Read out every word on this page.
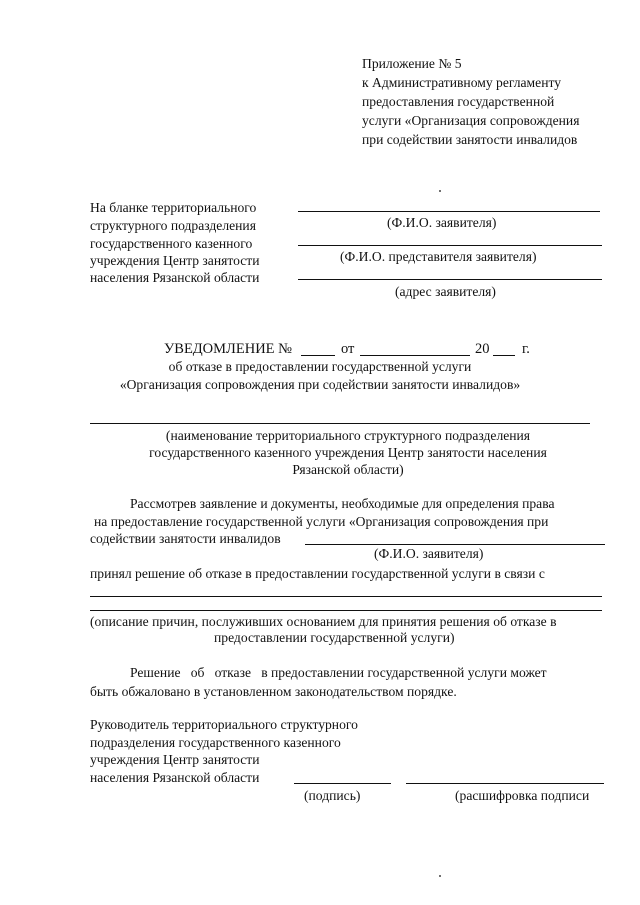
Приложение № 5
к Административному регламенту
предоставления государственной
услуги «Организация сопровождения
при содействии занятости инвалидов
На бланке территориального
структурного подразделения
государственного казенного
учреждения Центр занятости
населения Рязанской области
(Ф.И.О. заявителя)
(Ф.И.О. представителя заявителя)
(адрес заявителя)
УВЕДОМЛЕНИЕ №	от	20 г.
об отказе в предоставлении государственной услуги
«Организация сопровождения при содействии занятости инвалидов»
(наименование территориального структурного подразделения
государственного казенного учреждения Центр занятости населения
Рязанской области)
Рассмотрев заявление и документы, необходимые для определения права
на предоставление государственной услуги «Организация сопровождения при
содействии занятости инвалидов
(Ф.И.О. заявителя)
принял решение об отказе в предоставлении государственной услуги в связи с
(описание причин, послуживших основанием для принятия решения об отказе в
предоставлении государственной услуги)
Решение   об   отказе   в предоставлении государственной услуги может
быть обжаловано в установленном законодательством порядке.
Руководитель территориального структурного
подразделения государственного казенного
учреждения Центр занятости
населения Рязанской области
(подпись)	(расшифровка подписи
